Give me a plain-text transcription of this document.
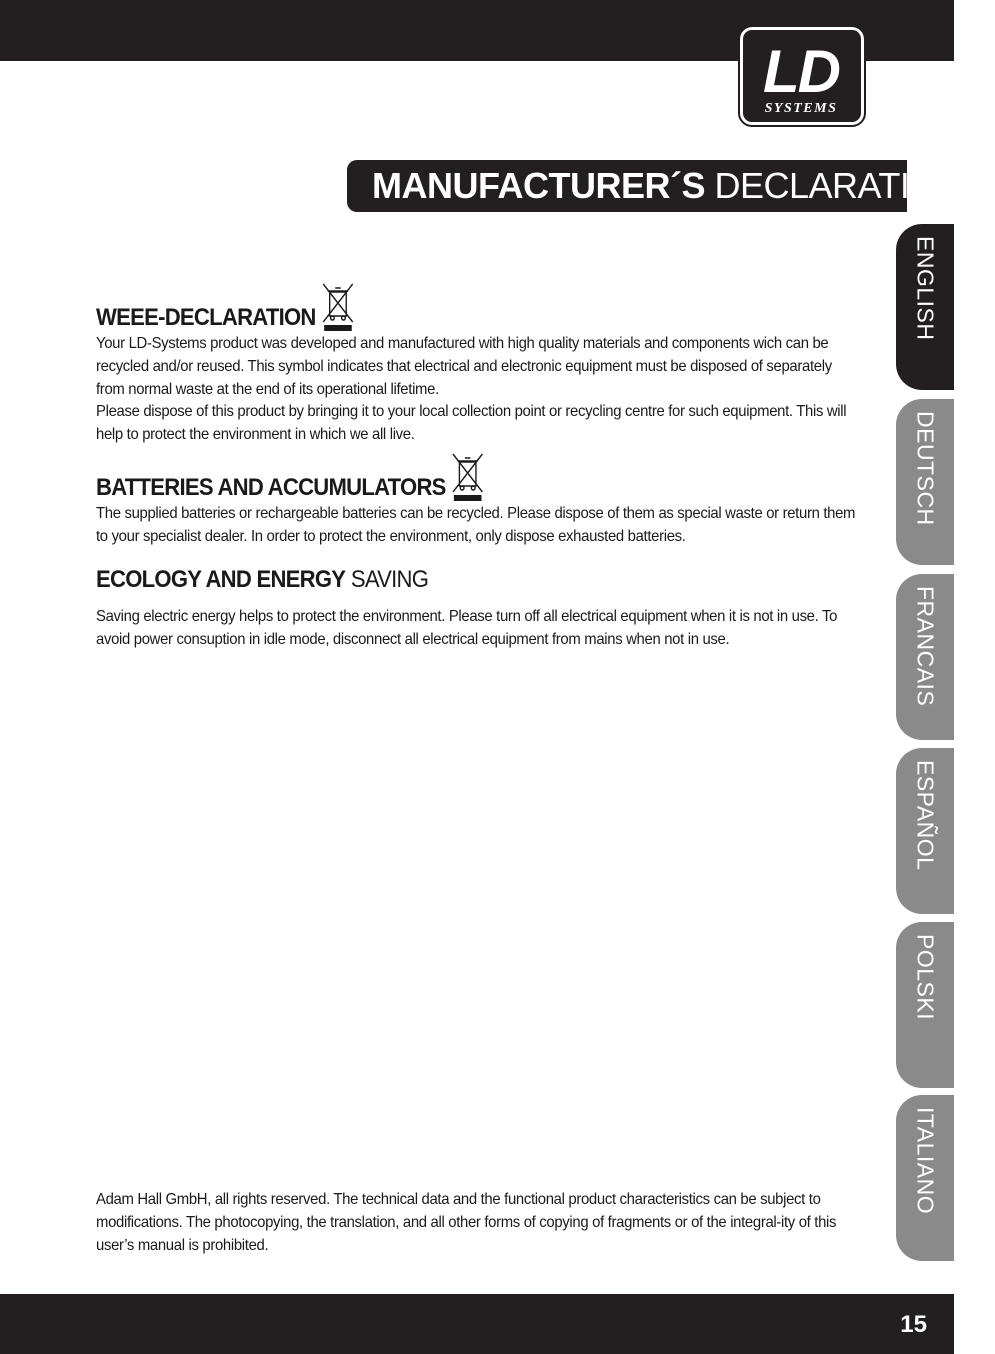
LD
SYSTEMS
MANUFACTURER´S DECLARATIONS:
WEEE-DECLARATION

Your LD-Systems product was developed and manufactured with high quality materials and components wich can be recycled and/or reused. This symbol indicates that electrical and electronic equipment must be disposed of separately from normal waste at the end of its operational lifetime.

Please dispose of this product by bringing it to your local collection point or recycling centre for such equipment. This will help to protect the environment in which we all live.

BATTERIES AND ACCUMULATORS

The supplied batteries or rechargeable batteries can be recycled. Please dispose of them as special waste or return them to your specialist dealer. In order to protect the environment, only dispose exhausted batteries.

ECOLOGY AND ENERGY SAVING

Saving electric energy helps to protect the environment. Please turn off all electrical equipment when it is not in use. To avoid power consuption in idle mode, disconnect all electrical equipment from mains when not in use.

Adam Hall GmbH, all rights reserved. The technical data and the functional product characteristics can be subject to modifications. The photocopying, the translation, and all other forms of copying of fragments or of the integral-ity of this user’s manual is prohibited.

ENGLISH
DEUTSCH
FRANCAIS
ESPAÑOL
POLSKI
ITALIANO
15
